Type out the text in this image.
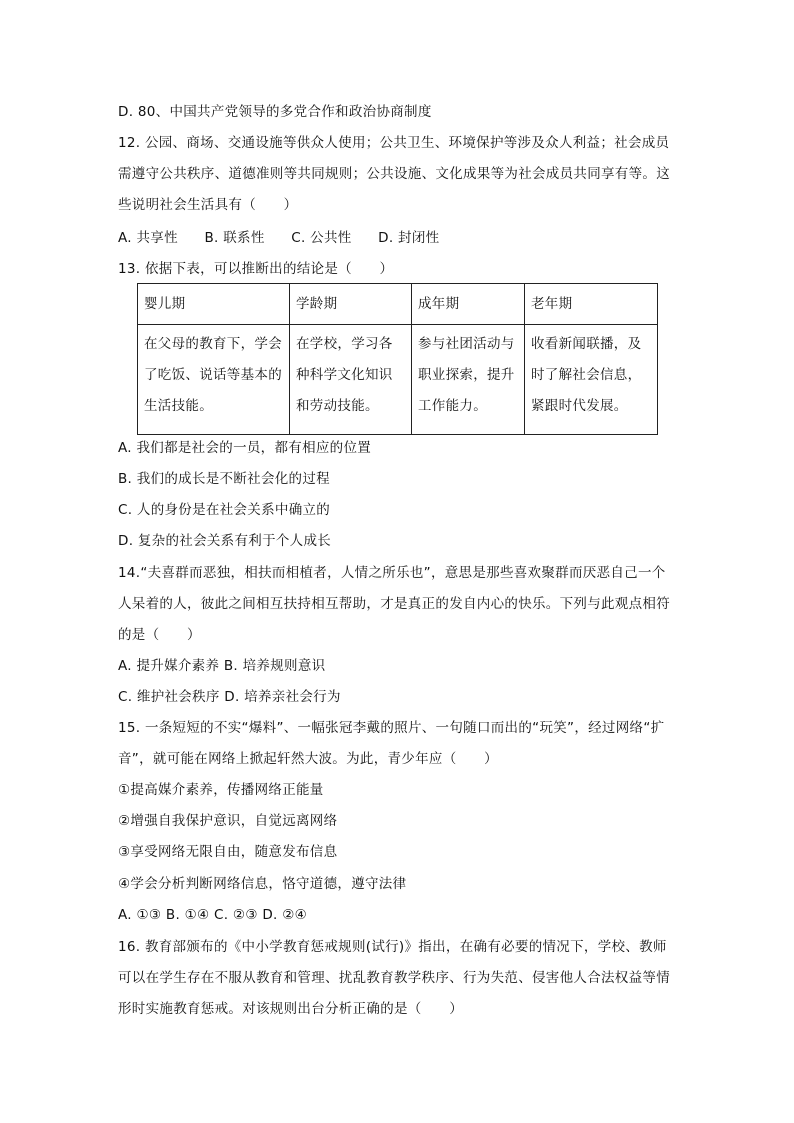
D. 80、中国共产党领导的多党合作和政治协商制度
12. 公园、商场、交通设施等供众人使用；公共卫生、环境保护等涉及众人利益；社会成员
需遵守公共秩序、道德准则等共同规则；公共设施、文化成果等为社会成员共同享有等。这
些说明社会生活具有（　　）
A. 共享性 B. 联系性 C. 公共性 D. 封闭性
13. 依据下表，可以推断出的结论是（　　）
婴儿期	学龄期	成年期	老年期
在父母的教育下，学会了吃饭、说话等基本的生活技能。	在学校，学习各种科学文化知识和劳动技能。	参与社团活动与职业探索，提升工作能力。	收看新闻联播，及时了解社会信息，紧跟时代发展。
A. 我们都是社会的一员，都有相应的位置
B. 我们的成长是不断社会化的过程
C. 人的身份是在社会关系中确立的
D. 复杂的社会关系有利于个人成长
14.“夫喜群而恶独，相扶而相植者，人情之所乐也”，意思是那些喜欢聚群而厌恶自己一个
人呆着的人，彼此之间相互扶持相互帮助，才是真正的发自内心的快乐。下列与此观点相符
的是（　　）
A. 提升媒介素养 B. 培养规则意识
C. 维护社会秩序 D. 培养亲社会行为
15. 一条短短的不实“爆料”、一幅张冠李戴的照片、一句随口而出的“玩笑”，经过网络“扩
音”，就可能在网络上掀起轩然大波。为此，青少年应（　　）
①提高媒介素养，传播网络正能量
②增强自我保护意识，自觉远离网络
③享受网络无限自由，随意发布信息
④学会分析判断网络信息，恪守道德，遵守法律
A. ①③ B. ①④ C. ②③ D. ②④
16. 教育部颁布的《中小学教育惩戒规则(试行)》指出，在确有必要的情况下，学校、教师
可以在学生存在不服从教育和管理、扰乱教育教学秩序、行为失范、侵害他人合法权益等情
形时实施教育惩戒。对该规则出台分析正确的是（　　）
